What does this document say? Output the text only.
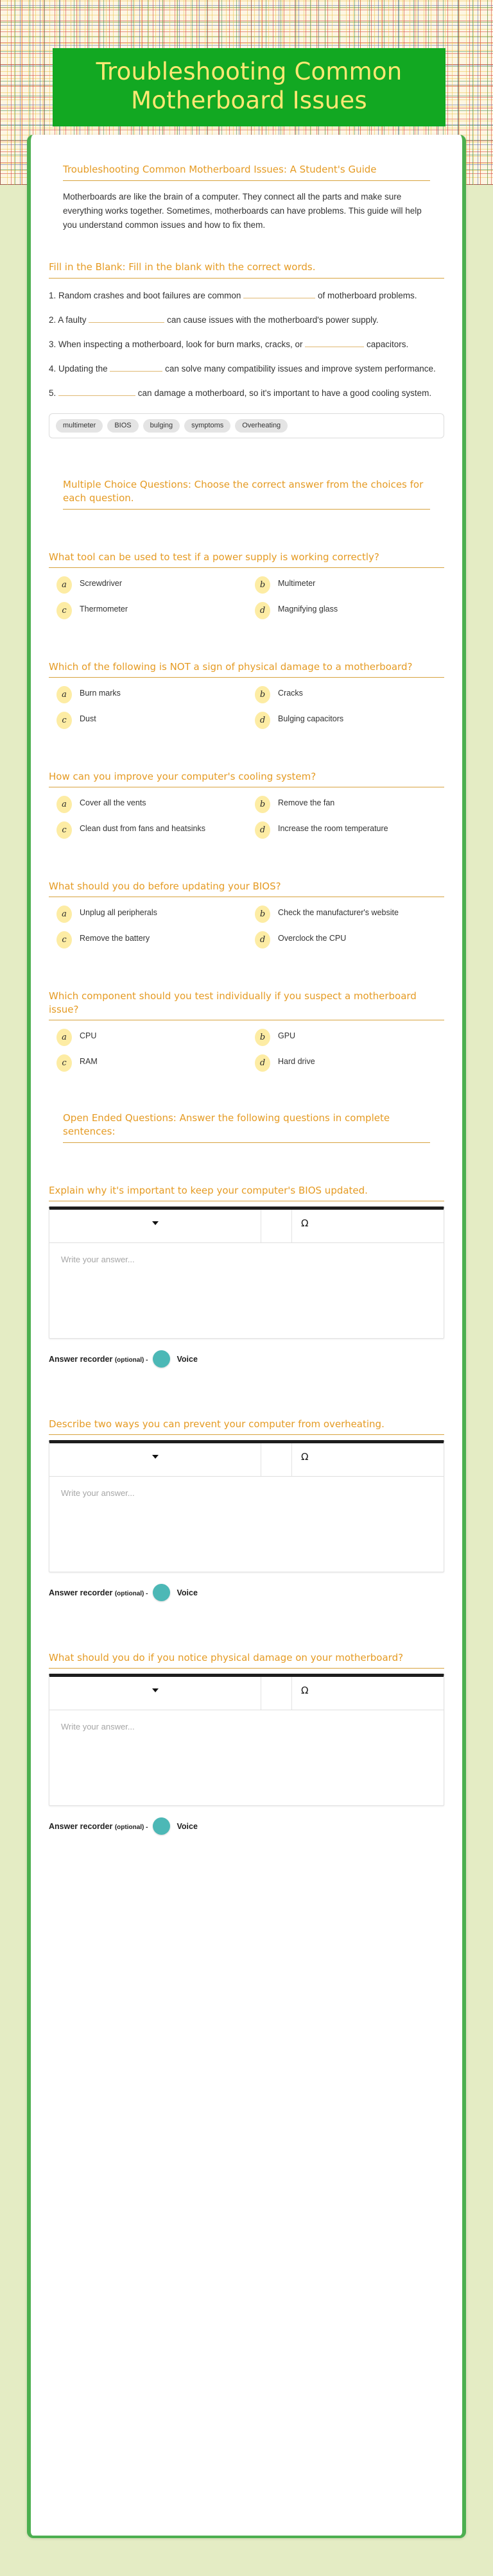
Troubleshooting Common
Motherboard Issues
Troubleshooting Common Motherboard Issues: A Student's Guide
Motherboards are like the brain of a computer. They connect all the parts and make sure everything works together. Sometimes, motherboards can have problems. This guide will help you understand common issues and how to fix them.
Fill in the Blank: Fill in the blank with the correct words.
1. Random crashes and boot failures are common	of motherboard problems.
2. A faulty	can cause issues with the motherboard's power supply.
3. When inspecting a motherboard, look for burn marks, cracks, or	capacitors.
4. Updating the	can solve many compatibility issues and improve system performance.
5.	can damage a motherboard, so it's important to have a good cooling system.
multimeter	BIOS	bulging	symptoms	Overheating
Multiple Choice Questions: Choose the correct answer from the choices for each question.
What tool can be used to test if a power supply is working correctly?
a	Screwdriver	b	Multimeter
c	Thermometer	d	Magnifying glass
Which of the following is NOT a sign of physical damage to a motherboard?
a	Burn marks	b	Cracks
c	Dust	d	Bulging capacitors
How can you improve your computer's cooling system?
a	Cover all the vents	b	Remove the fan
c	Clean dust from fans and heatsinks	d	Increase the room temperature
What should you do before updating your BIOS?
a	Unplug all peripherals	b	Check the manufacturer's website
c	Remove the battery	d	Overclock the CPU
Which component should you test individually if you suspect a motherboard issue?
a	CPU	b	GPU
c	RAM	d	Hard drive
Open Ended Questions: Answer the following questions in complete sentences:
Explain why it's important to keep your computer's BIOS updated.
Ω
Write your answer...
Answer recorder (optional) -	Voice
Describe two ways you can prevent your computer from overheating.
Ω
Write your answer...
Answer recorder (optional) -	Voice
What should you do if you notice physical damage on your motherboard?
Ω
Write your answer...
Answer recorder (optional) -	Voice
